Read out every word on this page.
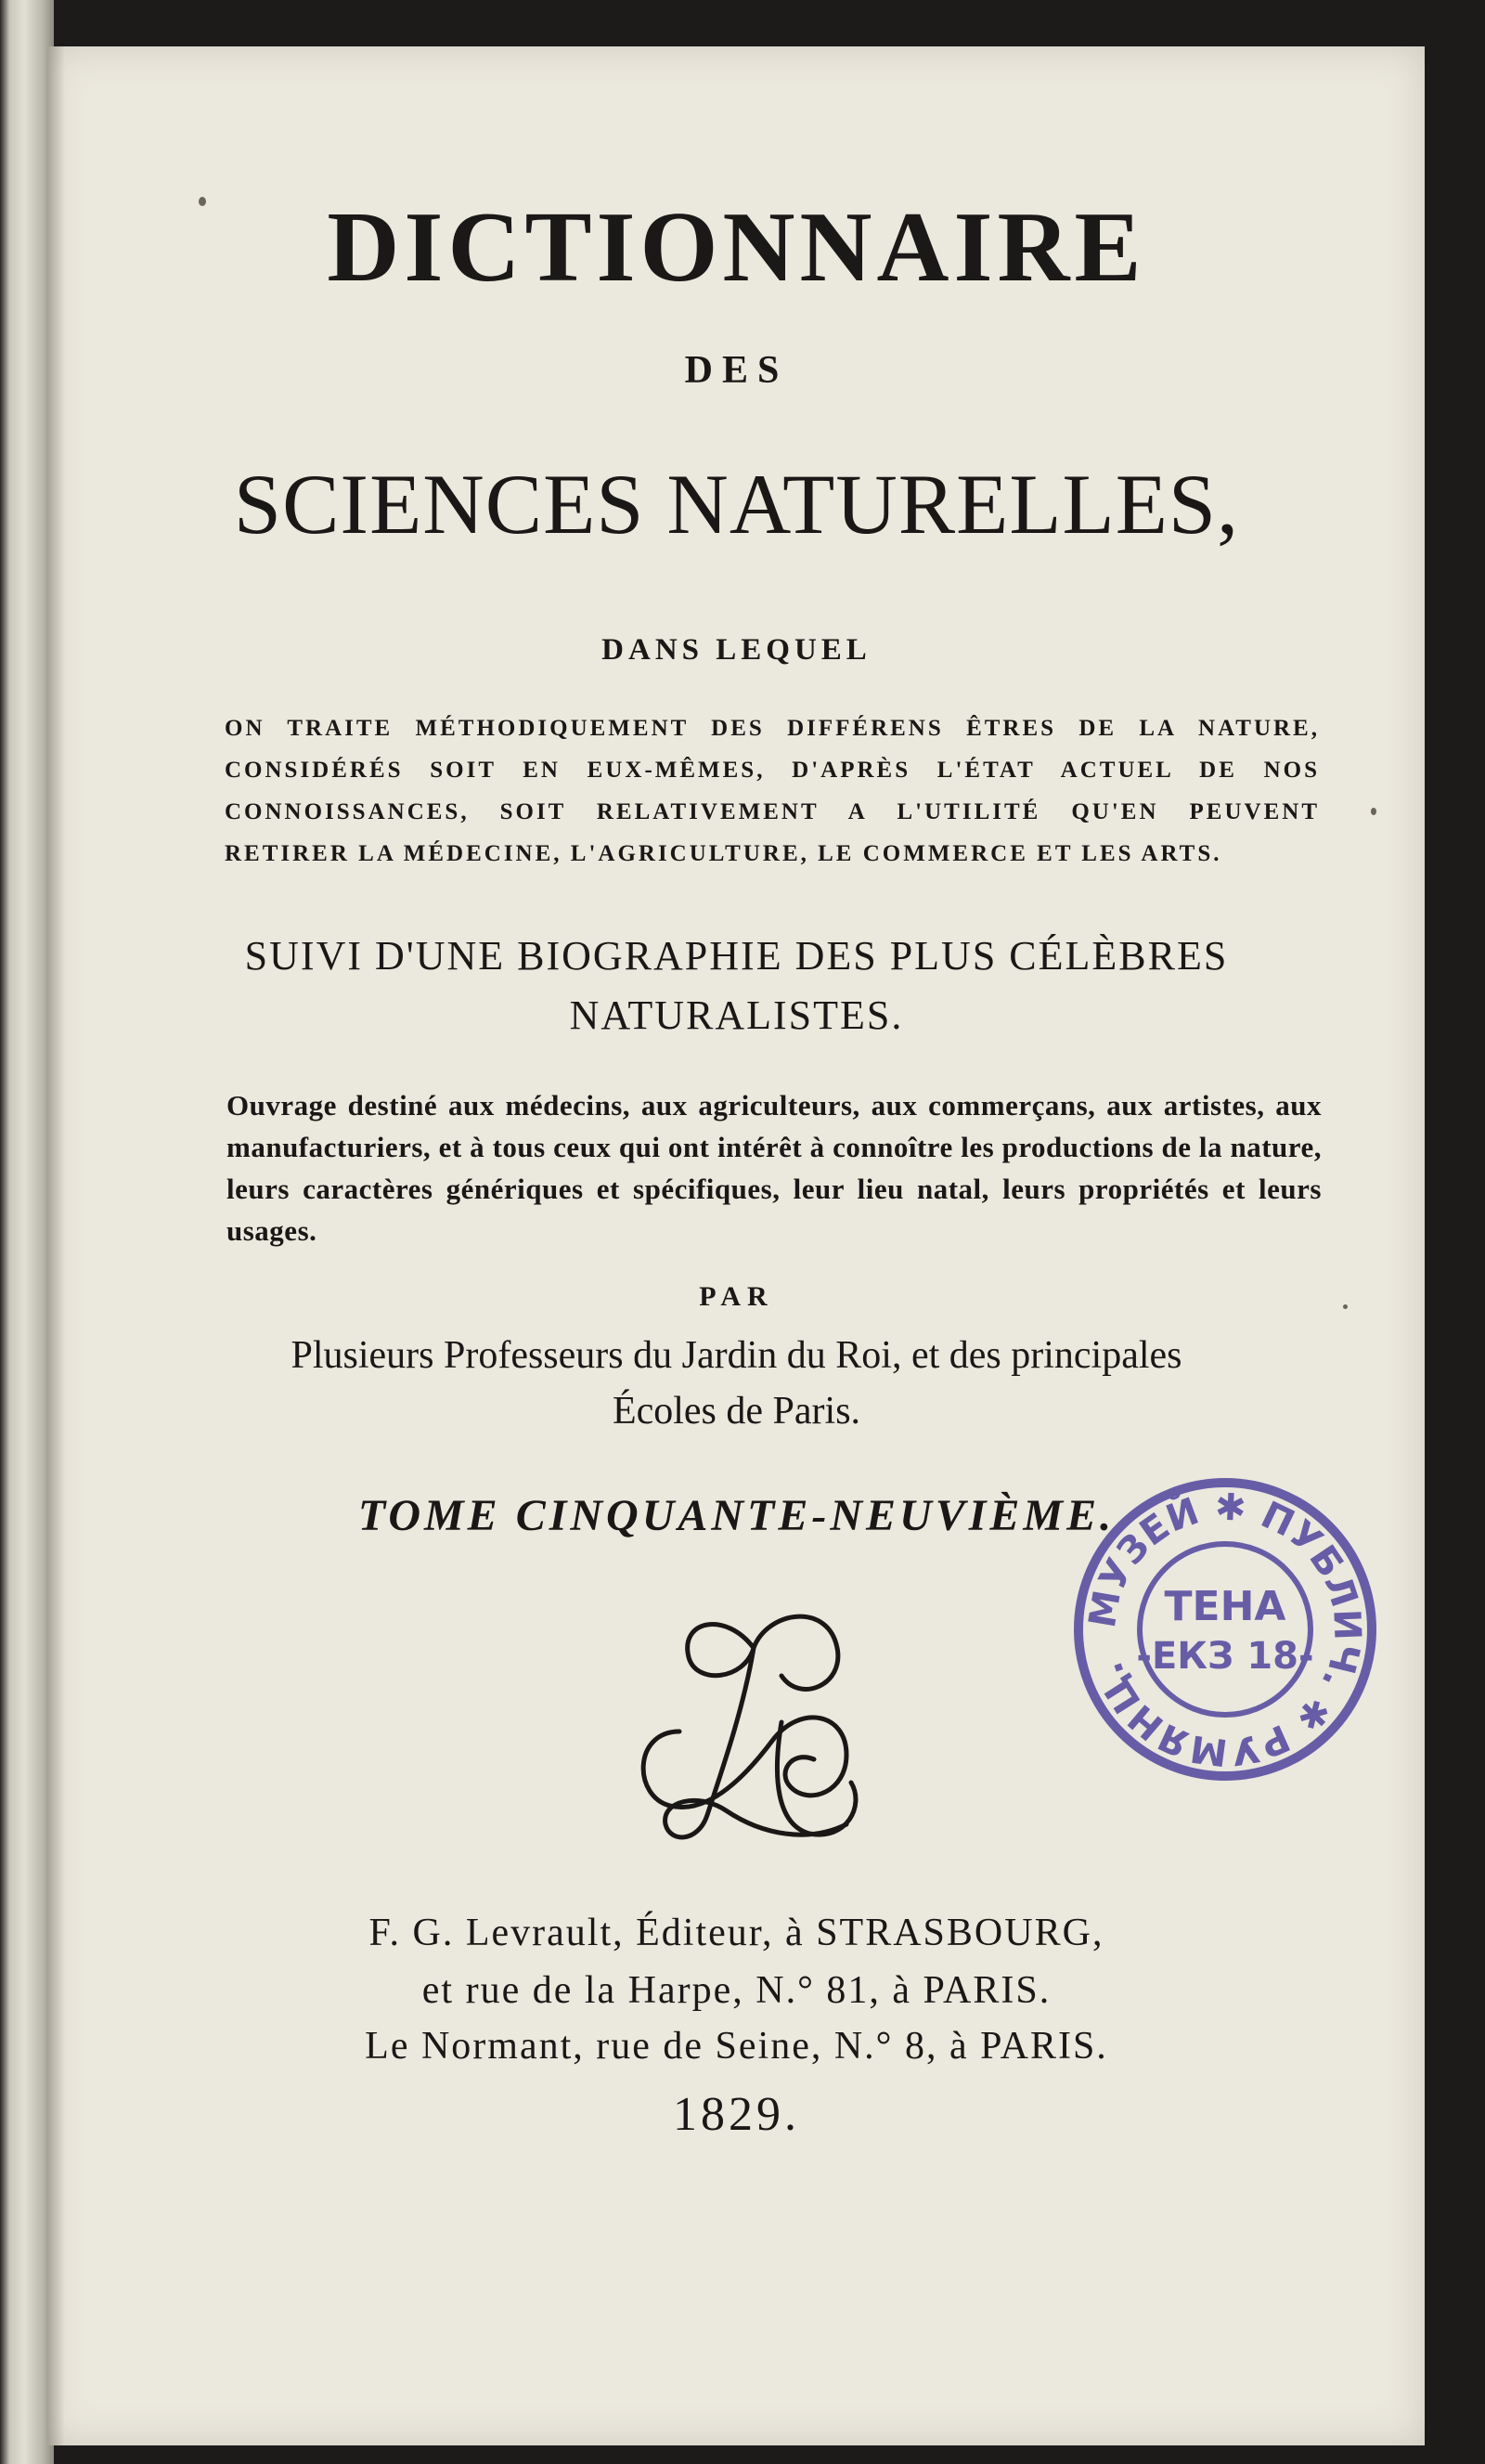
DICTIONNAIRE
DES
SCIENCES NATURELLES,
DANS LEQUEL
ON TRAITE MÉTHODIQUEMENT DES DIFFÉRENS ÊTRES DE LA NATURE, CONSIDÉRÉS SOIT EN EUX-MÊMES, D'APRÈS L'ÉTAT ACTUEL DE NOS CONNOISSANCES, SOIT RELATIVEMENT A L'UTILITÉ QU'EN PEUVENT RETIRER LA MÉDECINE, L'AGRICULTURE, LE COMMERCE ET LES ARTS.
SUIVI D'UNE BIOGRAPHIE DES PLUS CÉLÈBRES
NATURALISTES.
Ouvrage destiné aux médecins, aux agriculteurs, aux commerçans, aux artistes, aux manufacturiers, et à tous ceux qui ont intérêt à connoître les productions de la nature, leurs caractères génériques et spécifiques, leur lieu natal, leurs propriétés et leurs usages.
PAR
Plusieurs Professeurs du Jardin du Roi, et des principales
Écoles de Paris.
TOME CINQUANTE-NEUVIÈME.
F. G. Levrault, Éditeur, à STRASBOURG,
et rue de la Harpe, N.° 81, à PARIS.
Le Normant, rue de Seine, N.° 8, à PARIS.
1829.
МУЗЕЙ ✱ ПУБЛИЧ. ✱ РУМЯНЦ.
ТЕНА
-ЕКЗ 18-
